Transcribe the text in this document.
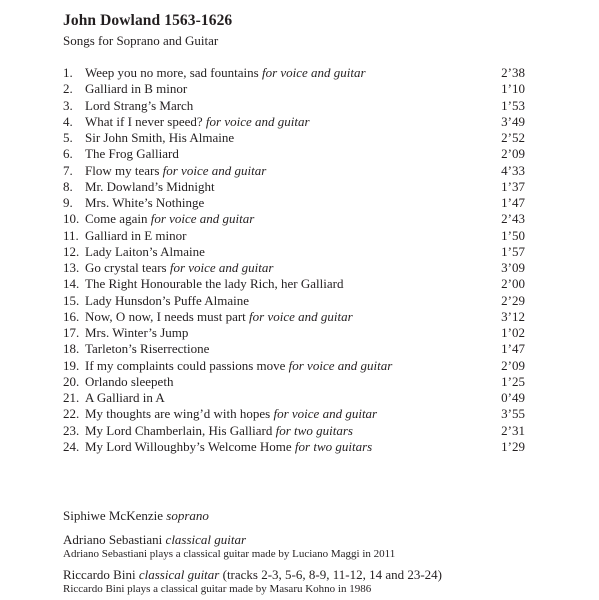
John Dowland 1563-1626
Songs for Soprano and Guitar
1. Weep you no more, sad fountains for voice and guitar	2’38
2. Galliard in B minor	1’10
3. Lord Strang’s March	1’53
4. What if I never speed? for voice and guitar	3’49
5. Sir John Smith, His Almaine	2’52
6. The Frog Galliard	2’09
7. Flow my tears for voice and guitar	4’33
8. Mr. Dowland’s Midnight	1’37
9. Mrs. White’s Nothinge	1’47
10. Come again for voice and guitar	2’43
11. Galliard in E minor	1’50
12. Lady Laiton’s Almaine	1’57
13. Go crystal tears for voice and guitar	3’09
14. The Right Honourable the lady Rich, her Galliard	2’00
15. Lady Hunsdon’s Puffe Almaine	2’29
16. Now, O now, I needs must part for voice and guitar	3’12
17. Mrs. Winter’s Jump	1’02
18. Tarleton’s Riserrectione	1’47
19. If my complaints could passions move for voice and guitar	2’09
20. Orlando sleepeth	1’25
21. A Galliard in A	0’49
22. My thoughts are wing’d with hopes for voice and guitar	3’55
23. My Lord Chamberlain, His Galliard for two guitars	2’31
24. My Lord Willoughby’s Welcome Home for two guitars	1’29
Siphiwe McKenzie soprano
Adriano Sebastiani classical guitar
Adriano Sebastiani plays a classical guitar made by Luciano Maggi in 2011
Riccardo Bini classical guitar (tracks 2-3, 5-6, 8-9, 11-12, 14 and 23-24)
Riccardo Bini plays a classical guitar made by Masaru Kohno in 1986
